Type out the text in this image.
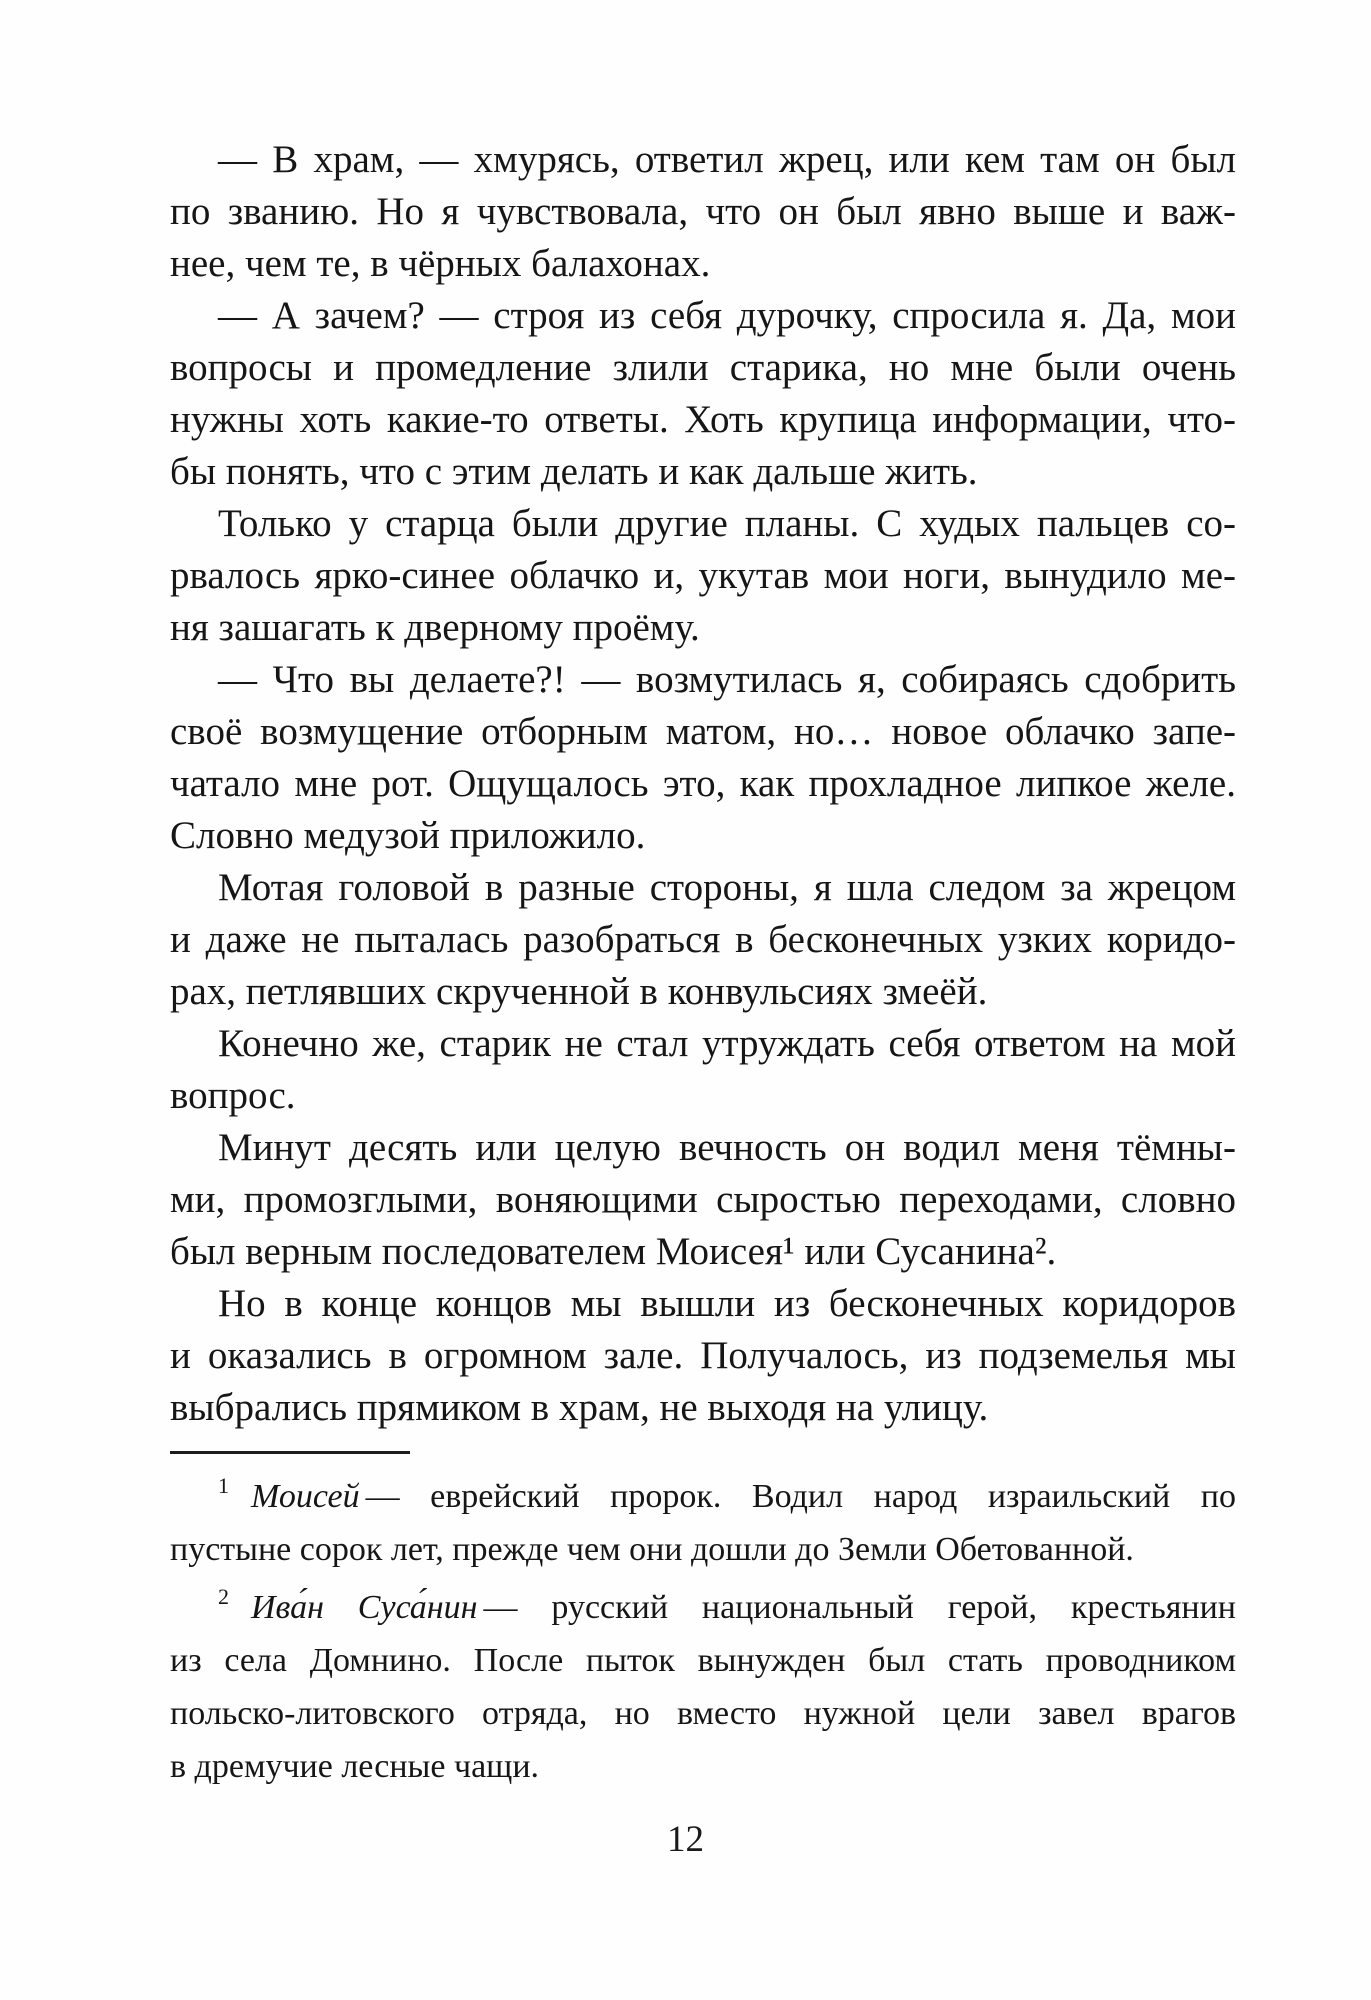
— В храм, — хмурясь, ответил жрец, или кем там он был
по званию. Но я чувствовала, что он был явно выше и важ-
нее, чем те, в чёрных балахонах.
— А зачем? — строя из себя дурочку, спросила я. Да, мои
вопросы и промедление злили старика, но мне были очень
нужны хоть какие-то ответы. Хоть крупица информации, что-
бы понять, что с этим делать и как дальше жить.
Только у старца были другие планы. С худых пальцев со-
рвалось ярко-синее облачко и, укутав мои ноги, вынудило ме-
ня зашагать к дверному проёму.
— Что вы делаете?! — возмутилась я, собираясь сдобрить
своё возмущение отборным матом, но… новое облачко запе-
чатало мне рот. Ощущалось это, как прохладное липкое желе.
Словно медузой приложило.
Мотая головой в разные стороны, я шла следом за жрецом
и даже не пыталась разобраться в бесконечных узких коридо-
рах, петлявших скрученной в конвульсиях змеёй.
Конечно же, старик не стал утруждать себя ответом на мой
вопрос.
Минут десять или целую вечность он водил меня тёмны-
ми, промозглыми, воняющими сыростью переходами, словно
был верным последователем Моисея¹ или Сусанина².
Но в конце концов мы вышли из бесконечных коридоров
и оказались в огромном зале. Получалось, из подземелья мы
выбрались прямиком в храм, не выходя на улицу.
1 Моисей — еврейский пророк. Водил народ израильский по
пустыне сорок лет, прежде чем они дошли до Земли Обетованной.
2 Ива́н Суса́нин — русский национальный герой, крестьянин
из села Домнино. После пыток вынужден был стать проводником
польско-литовского отряда, но вместо нужной цели завел врагов
в дремучие лесные чащи.
12
